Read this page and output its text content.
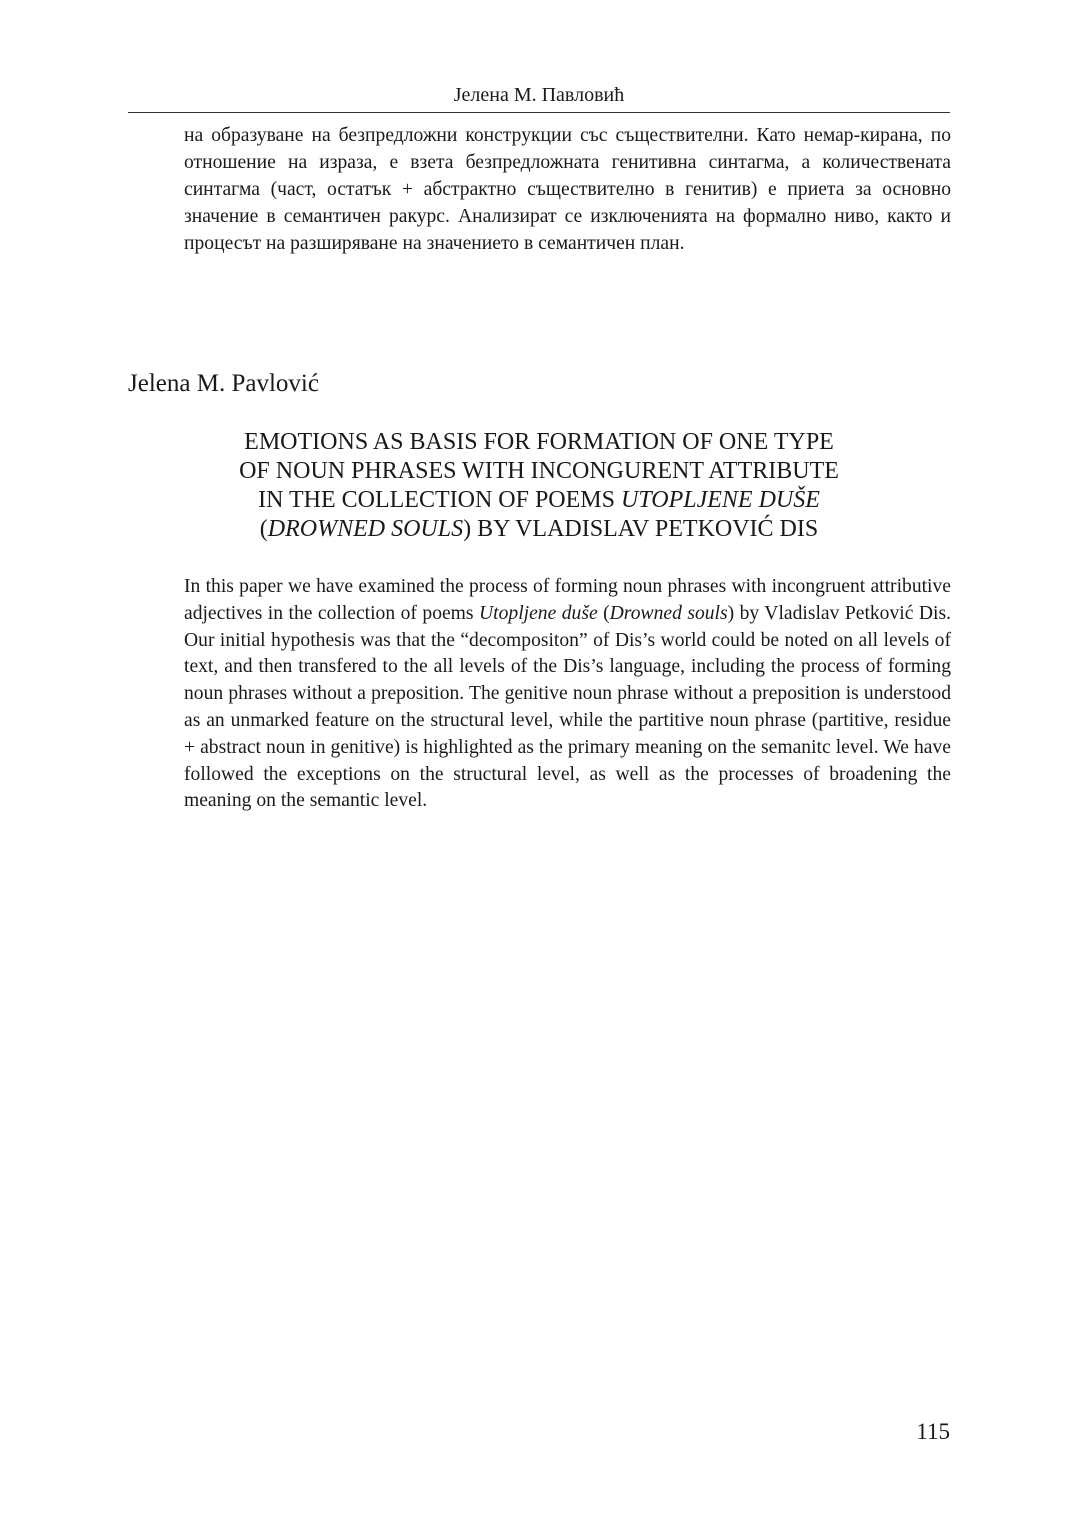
Јелена М. Павловић

на образуване на безпредложни конструкции със съществителни. Като немар-кирана, по отношение на израза, е взета безпредложната генитивна синтагма, а количествената синтагма (част, остатък + абстрактно съществително в генитив) е приета за основно значение в семантичен ракурс. Анализират се изключенията на формално ниво, както и процесът на разширяване на значението в семантичен план.

Jelena M. Pavlović
EMOTIONS AS BASIS FOR FORMATION OF ONE TYPE
OF NOUN PHRASES WITH INCONGURENT ATTRIBUTE
IN THE COLLECTION OF POEMS UTOPLJENE DUŠE
(DROWNED SOULS) BY VLADISLAV PETKOVIĆ DIS

In this paper we have examined the process of forming noun phrases with incongruent attributive adjectives in the collection of poems Utopljene duše (Drowned souls) by Vladislav Petković Dis. Our initial hypothesis was that the “decompositon” of Dis’s world could be noted on all levels of text, and then transfered to the all levels of the Dis’s language, including the process of forming noun phrases without a preposition. The genitive noun phrase without a preposition is understood as an unmarked feature on the structural level, while the partitive noun phrase (partitive, residue + abstract noun in genitive) is highlighted as the primary meaning on the semanitc level. We have followed the exceptions on the structural level, as well as the processes of broadening the meaning on the semantic level.

115
